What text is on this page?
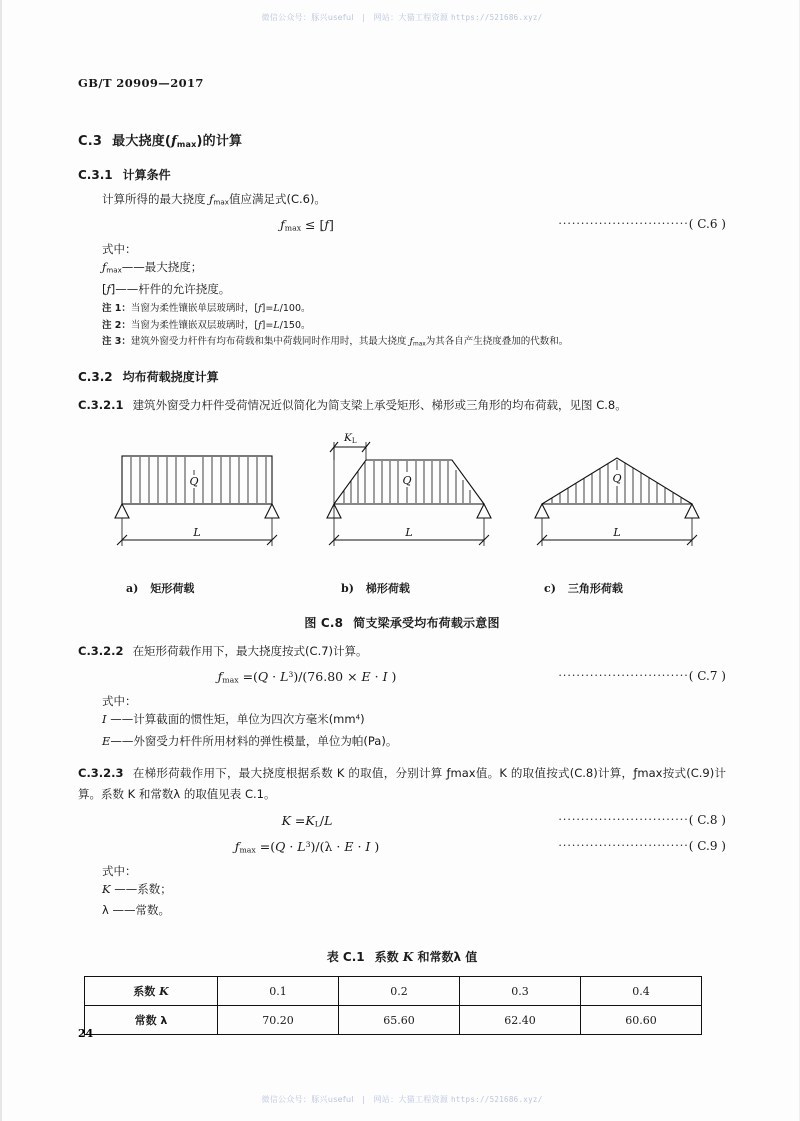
微信公众号：豚兴useful　|　网站：大猫工程资源 https://521686.xyz/
GB/T 20909—2017
C.3 最大挠度$(ƒ_{max})$的计算
C.3.1 计算条件
计算所得的最大挠度 $ƒ_{max}$值应满足式(C.6)。
$ƒ_{max}$ ≤ [ƒ]	·····························( C.6 )
式中：
$ƒ_{max}——$最大挠度；
[ƒ]——杆件的允许挠度。
注 1：当窗为柔性镶嵌单层玻璃时，[ƒ]=L/100。
注 2：当窗为柔性镶嵌双层玻璃时，[ƒ]=L/150。
注 3：建筑外窗受力杆件有均布荷载和集中荷载同时作用时，其最大挠度 $ƒ_{max}$为其各自产生挠度叠加的代数和。
C.3.2 均布荷载挠度计算
C.3.2.1 建筑外窗受力杆件受荷情况近似简化为简支梁上承受矩形、梯形或三角形的均布荷载，见图 C.8。
Q
L
Q
L
KL
Q
L
a) 矩形荷载	b) 梯形荷载	c) 三角形荷载
图 C.8 简支梁承受均布荷载示意图
C.3.2.2 在矩形荷载作用下，最大挠度按式(C.7)计算。
$ƒ_{max} =(Q \cdot L^3)/(76.80 \times E \cdot I$ )	·····························( C.7 )
式中：
I ——计算截面的惯性矩，单位为四次方毫米$(mm^4)$
E——外窗受力杆件所用材料的弹性模量，单位为帕(Pa)。
C.3.2.3 在梯形荷载作用下，最大挠度根据系数 K 的取值，分别计算 ƒmax值。K 的取值按式(C.8)计算，ƒmax按式(C.9)计算。系数 K 和常数λ 的取值见表 C.1。
$K =K_L/L$	·····························( C.8 )
$ƒ_{max} =(Q \cdot L^3)/(\lambda \cdot E \cdot I$ )	·····························( C.9 )
式中：
K ——系数；
λ ——常数。
表 C.1 系数 K 和常数λ 值
系数 K	0.1	0.2	0.3	0.4
常数 λ	70.20	65.60	62.40	60.60
24
微信公众号：豚兴useful　|　网站：大猫工程资源 https://521686.xyz/
